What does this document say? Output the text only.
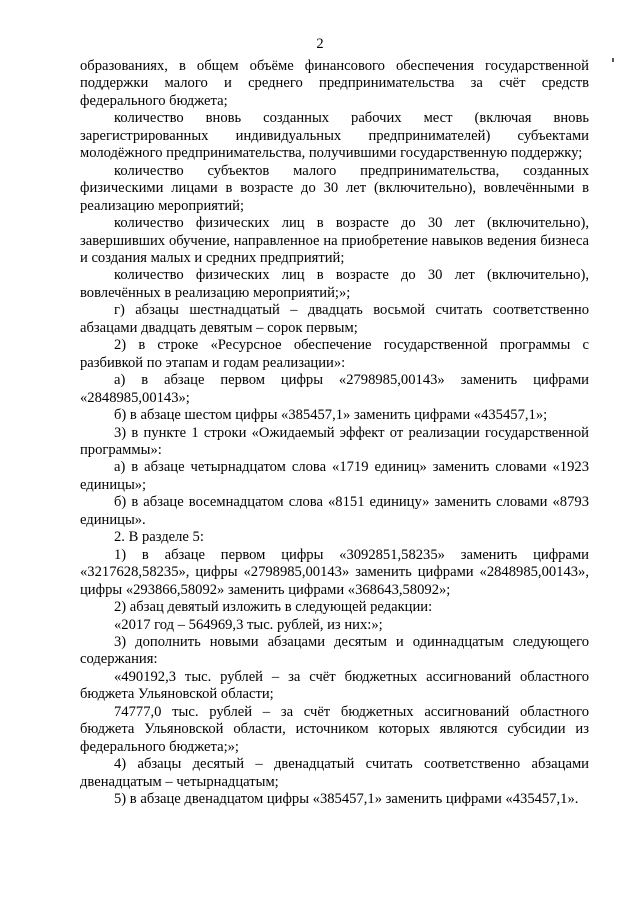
2

образованиях, в общем объёме финансового обеспечения государственной поддержки малого и среднего предпринимательства за счёт средств федерального бюджета;

количество вновь созданных рабочих мест (включая вновь зарегистрированных индивидуальных предпринимателей) субъектами молодёжного предпринимательства, получившими государственную поддержку;

количество субъектов малого предпринимательства, созданных физическими лицами в возрасте до 30 лет (включительно), вовлечёнными в реализацию мероприятий;

количество физических лиц в возрасте до 30 лет (включительно), завершивших обучение, направленное на приобретение навыков ведения бизнеса и создания малых и средних предприятий;

количество физических лиц в возрасте до 30 лет (включительно), вовлечённых в реализацию мероприятий;»;

г) абзацы шестнадцатый – двадцать восьмой считать соответственно абзацами двадцать девятым – сорок первым;

2) в строке «Ресурсное обеспечение государственной программы с разбивкой по этапам и годам реализации»:

а) в абзаце первом цифры «2798985,00143» заменить цифрами «2848985,00143»;

б) в абзаце шестом цифры «385457,1» заменить цифрами «435457,1»;

3) в пункте 1 строки «Ожидаемый эффект от реализации государственной программы»:

а) в абзаце четырнадцатом слова «1719 единиц» заменить словами «1923 единицы»;

б) в абзаце восемнадцатом слова «8151 единицу» заменить словами «8793 единицы».

2. В разделе 5:

1) в абзаце первом цифры «3092851,58235» заменить цифрами «3217628,58235», цифры «2798985,00143» заменить цифрами «2848985,00143», цифры «293866,58092» заменить цифрами «368643,58092»;

2) абзац девятый изложить в следующей редакции:

«2017 год – 564969,3 тыс. рублей, из них:»;

3) дополнить новыми абзацами десятым и одиннадцатым следующего содержания:

«490192,3 тыс. рублей – за счёт бюджетных ассигнований областного бюджета Ульяновской области;

74777,0 тыс. рублей – за счёт бюджетных ассигнований областного бюджета Ульяновской области, источником которых являются субсидии из федерального бюджета;»;

4) абзацы десятый – двенадцатый считать соответственно абзацами двенадцатым – четырнадцатым;

5) в абзаце двенадцатом цифры «385457,1» заменить цифрами «435457,1».
